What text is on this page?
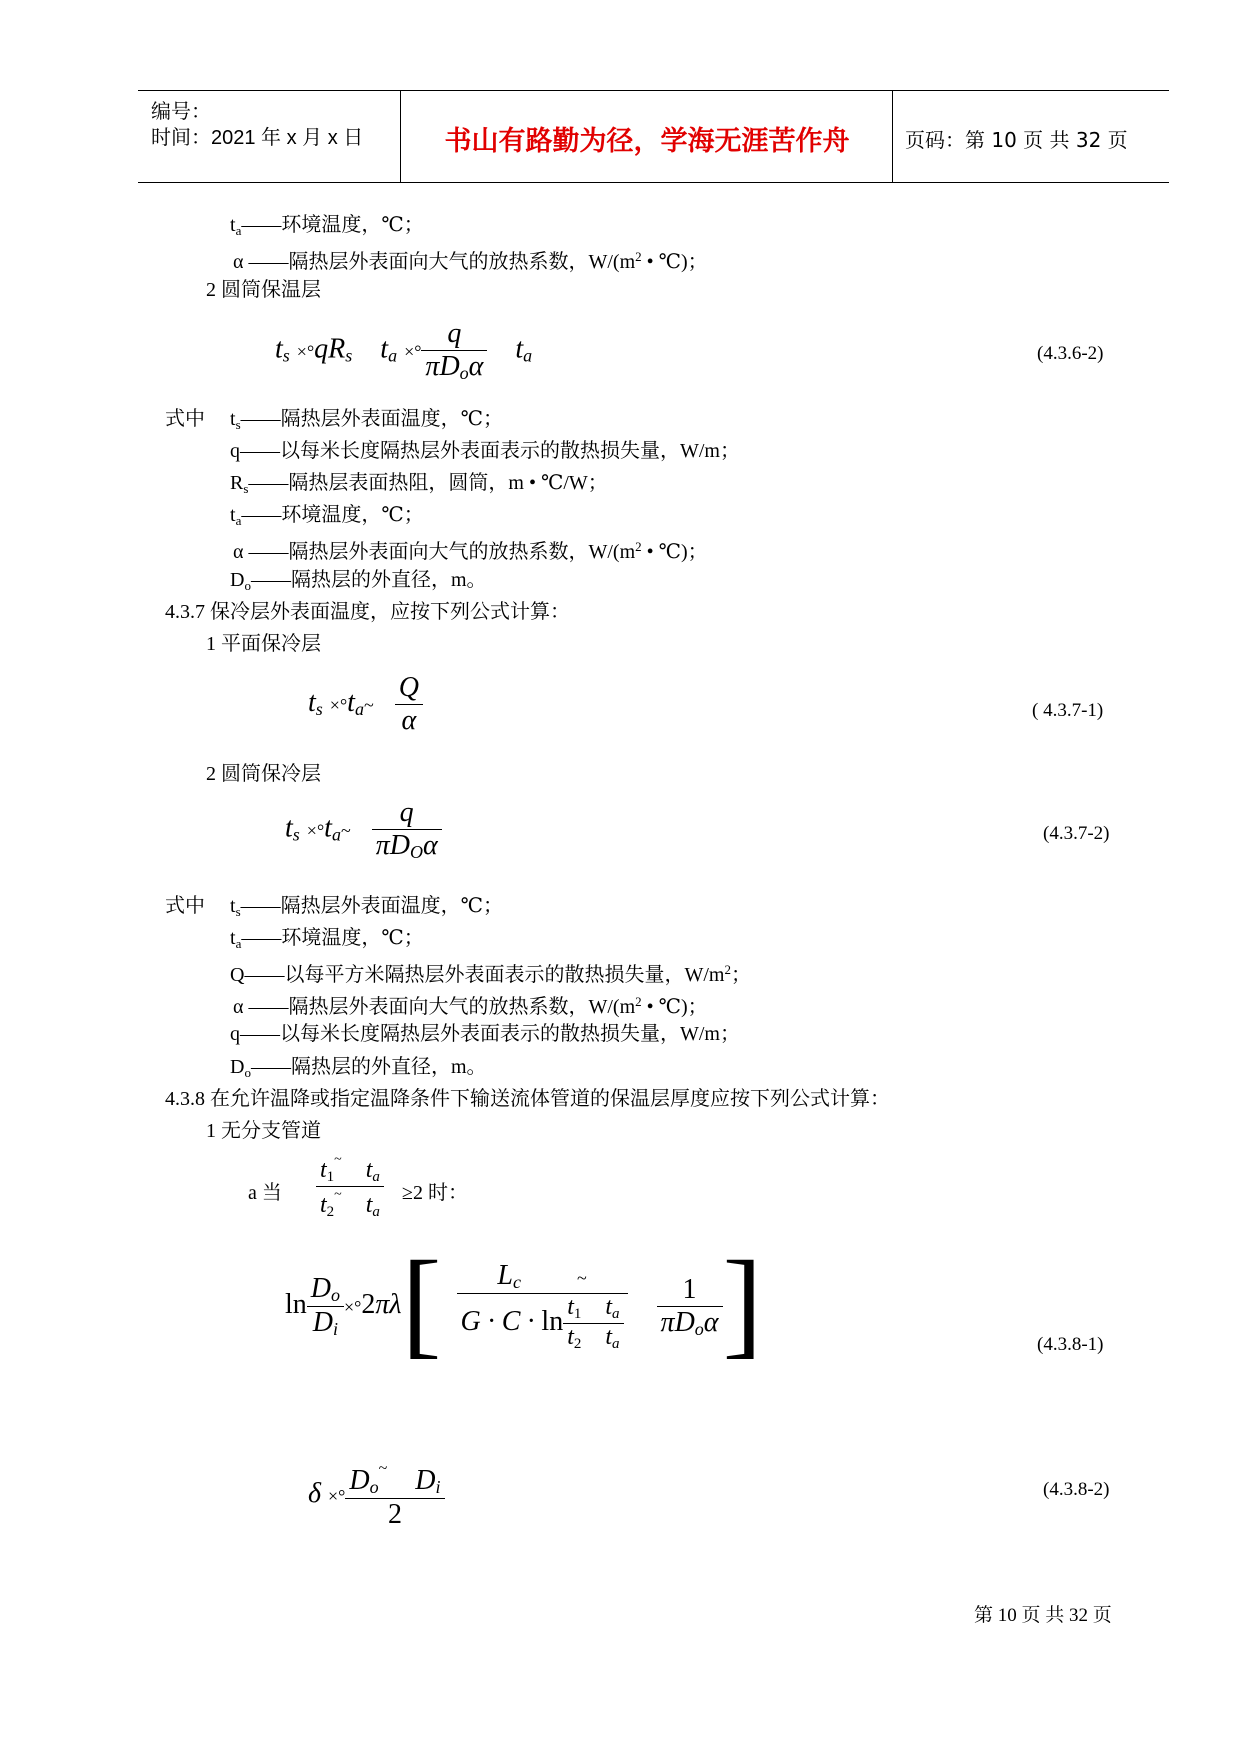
编号：
时间：2021 年 x 月 x 日	书山有路勤为径，学海无涯苦作舟	页码：第 10 页 共 32 页
$t_a——$环境温度，℃；
α ——隔热层外表面向大气的放热系数，$W/(m^2$ • ℃)；
2 圆筒保温层
$t_s \times^\circ qR_s$    $t_a$ ×° $\frac{q}{\pi D_o\alpha} t_a$	(4.3.6-2)
式中 $t_s——$隔热层外表面温度，℃；
q——以每米长度隔热层外表面表示的散热损失量，W/m；
$R_s——$隔热层表面热阻，圆筒，m • ℃/W；
$t_a——$环境温度，℃；
α ——隔热层外表面向大气的放热系数，$W/(m^2$ • ℃)；
$D_o——$隔热层的外直径，m。
4.3.7 保冷层外表面温度，应按下列公式计算：
1 平面保冷层
$t_s$ $\times^\circ t_a\sim \frac{Q}{\alpha}$	( 4.3.7-1)
2 圆筒保冷层
$t_s$ $\times^\circ t_a\sim \frac{q}{\pi D_O\alpha}$	(4.3.7-2)
式中 $t_s——$隔热层外表面温度，℃；
$t_a——$环境温度，℃；
Q——以每平方米隔热层外表面表示的散热损失量，$W/m^2$；
α ——隔热层外表面向大气的放热系数，$W/(m^2$ • ℃)；
q——以每米长度隔热层外表面表示的散热损失量，W/m；
$D_o——$隔热层的外直径，m。
4.3.8 在允许温降或指定温降条件下输送流体管道的保温层厚度应按下列公式计算：
1 无分支管道
a 当 $\frac{t_1^\sim t_a}{t_2^\sim t_a} \ge 2$ 时：
$\ln \frac{D_o}{D_i} \times^\circ 2\pi\lambda$[ $L_c$	~
$G \cdot C \cdot \ln \frac{t_1 t_a}{t_2 t_a}$
$\frac{1}{\pi D_o\alpha}$ ]	(4.3.8-1)
δ ×° $\frac{D_o^\sim D_i}{2}$	(4.3.8-2)
第 10 页 共 32 页
